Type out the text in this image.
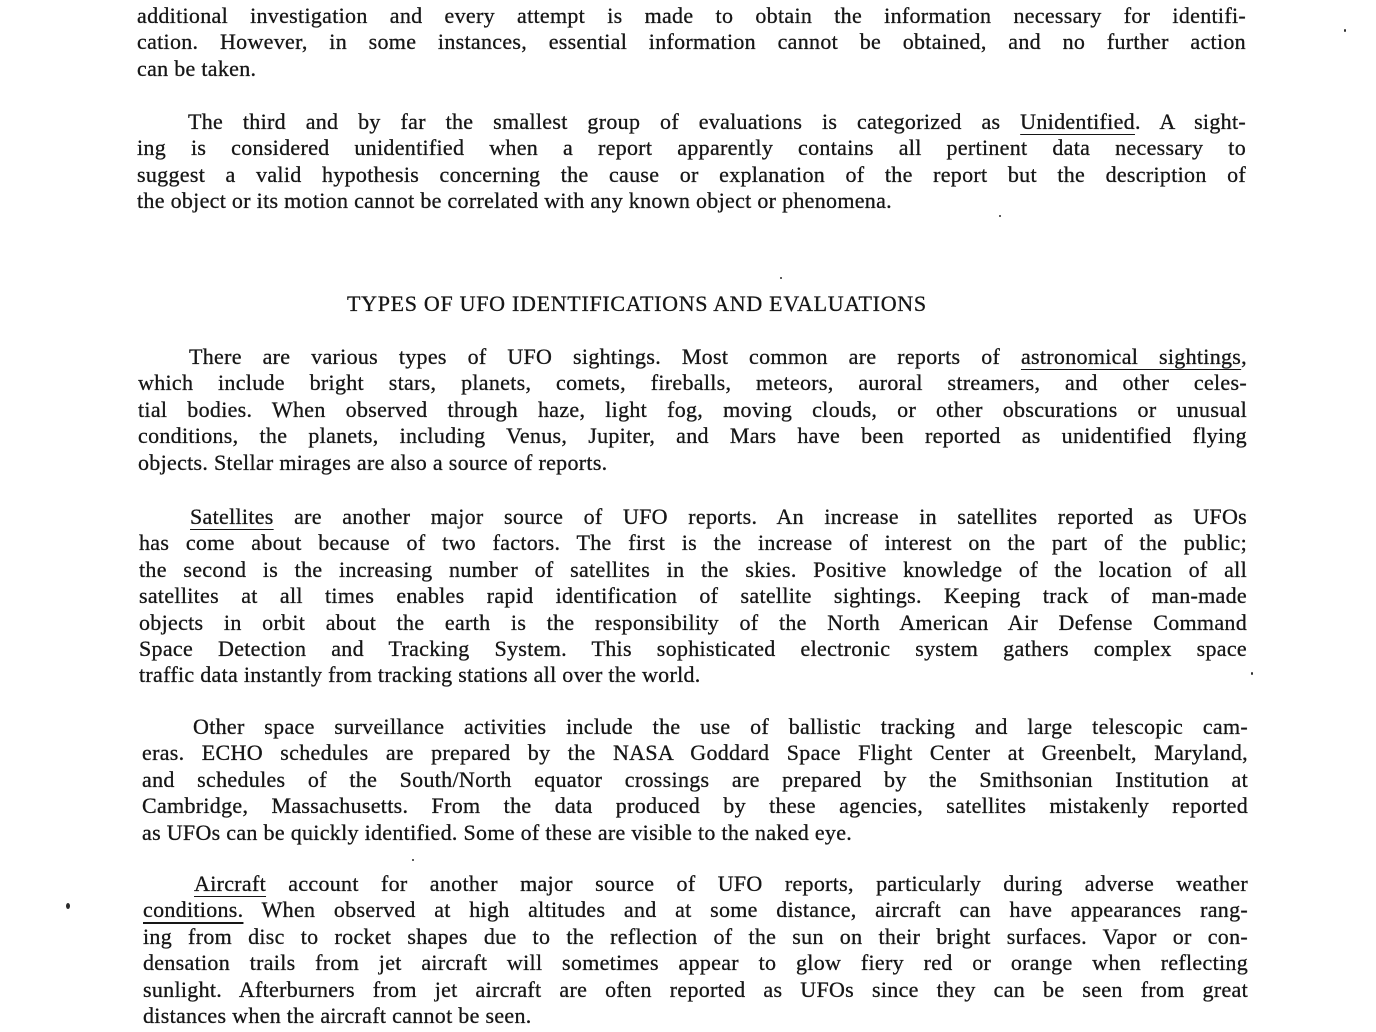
additional investigation and every attempt is made to obtain the information necessary for identifi-
cation. However, in some instances, essential information cannot be obtained, and no further action
can be taken.
The third and by far the smallest group of evaluations is categorized as Unidentified. A sight-
ing is considered unidentified when a report apparently contains all pertinent data necessary to
suggest a valid hypothesis concerning the cause or explanation of the report but the description of
the object or its motion cannot be correlated with any known object or phenomena.
TYPES OF UFO IDENTIFICATIONS AND EVALUATIONS
There are various types of UFO sightings. Most common are reports of astronomical sightings,
which include bright stars, planets, comets, fireballs, meteors, auroral streamers, and other celes-
tial bodies. When observed through haze, light fog, moving clouds, or other obscurations or unusual
conditions, the planets, including Venus, Jupiter, and Mars have been reported as unidentified flying
objects. Stellar mirages are also a source of reports.
Satellites are another major source of UFO reports. An increase in satellites reported as UFOs
has come about because of two factors. The first is the increase of interest on the part of the public;
the second is the increasing number of satellites in the skies. Positive knowledge of the location of all
satellites at all times enables rapid identification of satellite sightings. Keeping track of man-made
objects in orbit about the earth is the responsibility of the North American Air Defense Command
Space Detection and Tracking System. This sophisticated electronic system gathers complex space
traffic data instantly from tracking stations all over the world.
Other space surveillance activities include the use of ballistic tracking and large telescopic cam-
eras. ECHO schedules are prepared by the NASA Goddard Space Flight Center at Greenbelt, Maryland,
and schedules of the South/North equator crossings are prepared by the Smithsonian Institution at
Cambridge, Massachusetts. From the data produced by these agencies, satellites mistakenly reported
as UFOs can be quickly identified. Some of these are visible to the naked eye.
Aircraft account for another major source of UFO reports, particularly during adverse weather
conditions. When observed at high altitudes and at some distance, aircraft can have appearances rang-
ing from disc to rocket shapes due to the reflection of the sun on their bright surfaces. Vapor or con-
densation trails from jet aircraft will sometimes appear to glow fiery red or orange when reflecting
sunlight. Afterburners from jet aircraft are often reported as UFOs since they can be seen from great
distances when the aircraft cannot be seen.
